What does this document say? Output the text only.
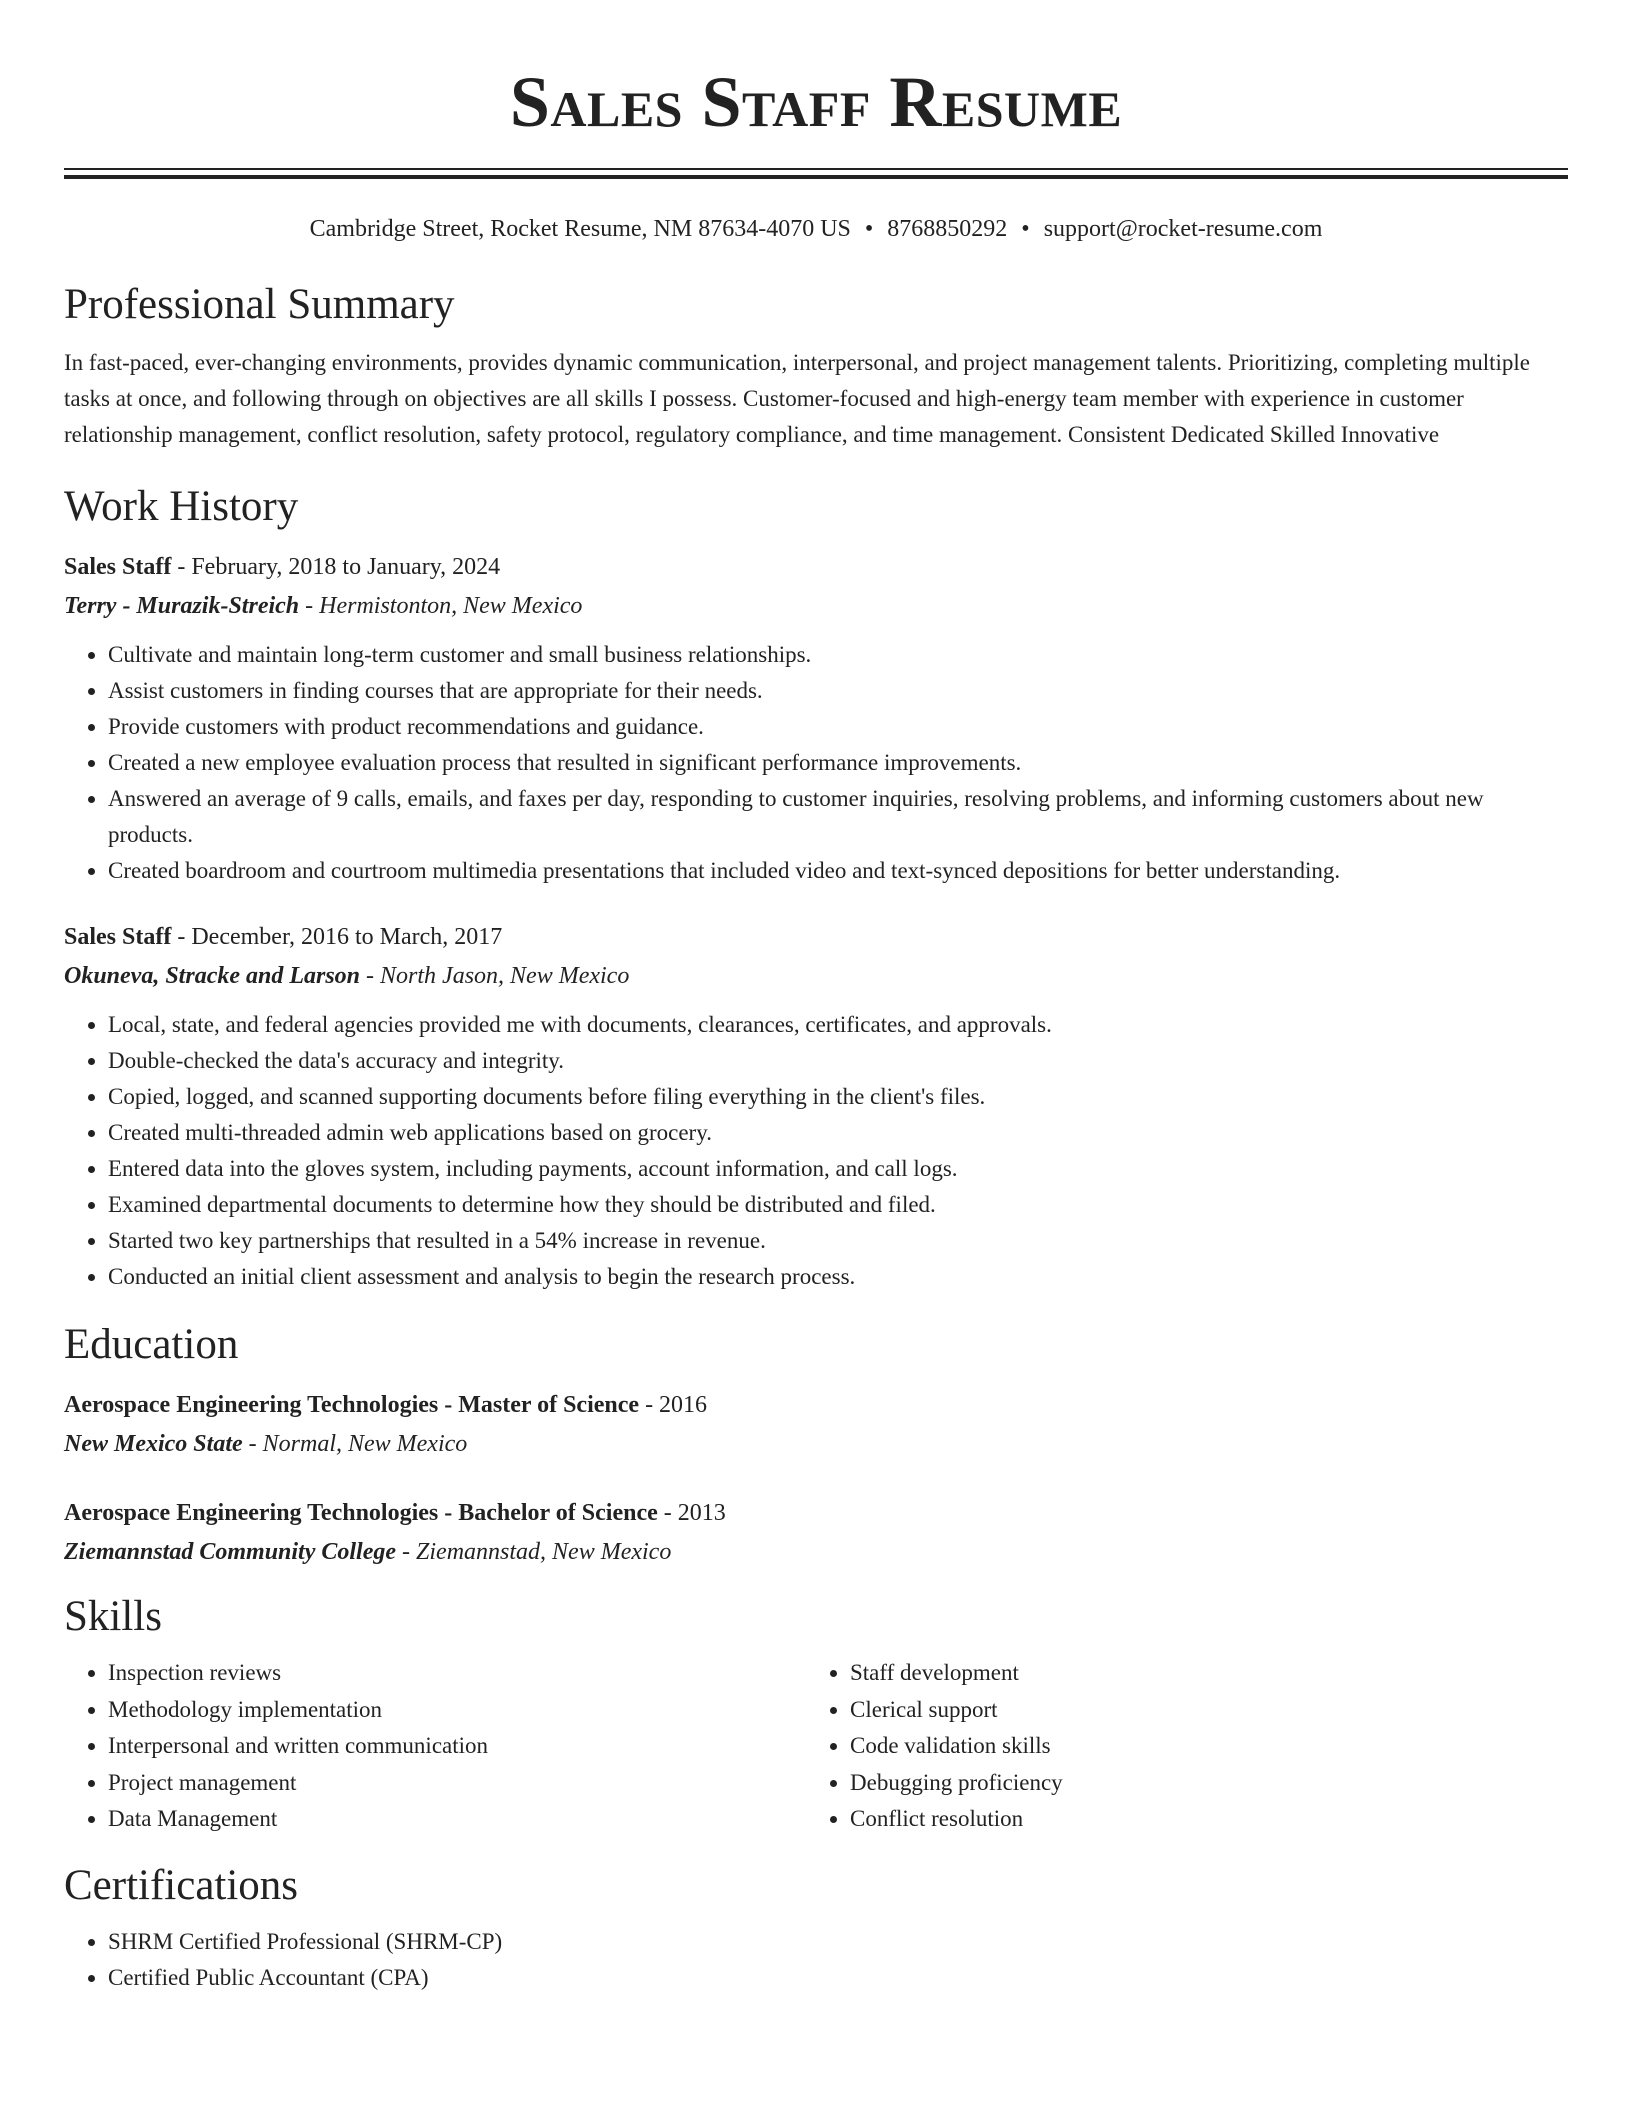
Sales Staff Resume
Cambridge Street, Rocket Resume, NM 87634-4070 US • 8768850292 • support@rocket-resume.com
Professional Summary

In fast-paced, ever-changing environments, provides dynamic communication, interpersonal, and project management talents. Prioritizing, completing multiple tasks at once, and following through on objectives are all skills I possess. Customer-focused and high-energy team member with experience in customer relationship management, conflict resolution, safety protocol, regulatory compliance, and time management. Consistent Dedicated Skilled Innovative

Work History
Sales Staff - February, 2018 to January, 2024
Terry - Murazik-Streich - Hermistonton, New Mexico
• Cultivate and maintain long-term customer and small business relationships.
• Assist customers in finding courses that are appropriate for their needs.
• Provide customers with product recommendations and guidance.
• Created a new employee evaluation process that resulted in significant performance improvements.
• Answered an average of 9 calls, emails, and faxes per day, responding to customer inquiries, resolving problems, and informing customers about new products.
• Created boardroom and courtroom multimedia presentations that included video and text-synced depositions for better understanding.
Sales Staff - December, 2016 to March, 2017
Okuneva, Stracke and Larson - North Jason, New Mexico
• Local, state, and federal agencies provided me with documents, clearances, certificates, and approvals.
• Double-checked the data's accuracy and integrity.
• Copied, logged, and scanned supporting documents before filing everything in the client's files.
• Created multi-threaded admin web applications based on grocery.
• Entered data into the gloves system, including payments, account information, and call logs.
• Examined departmental documents to determine how they should be distributed and filed.
• Started two key partnerships that resulted in a 54% increase in revenue.
• Conducted an initial client assessment and analysis to begin the research process.
Education
Aerospace Engineering Technologies - Master of Science - 2016
New Mexico State - Normal, New Mexico
Aerospace Engineering Technologies - Bachelor of Science - 2013
Ziemannstad Community College - Ziemannstad, New Mexico
Skills
• Inspection reviews
• Methodology implementation
• Interpersonal and written communication
• Project management
• Data Management
• Staff development
• Clerical support
• Code validation skills
• Debugging proficiency
• Conflict resolution
Certifications
• SHRM Certified Professional (SHRM-CP)
• Certified Public Accountant (CPA)
